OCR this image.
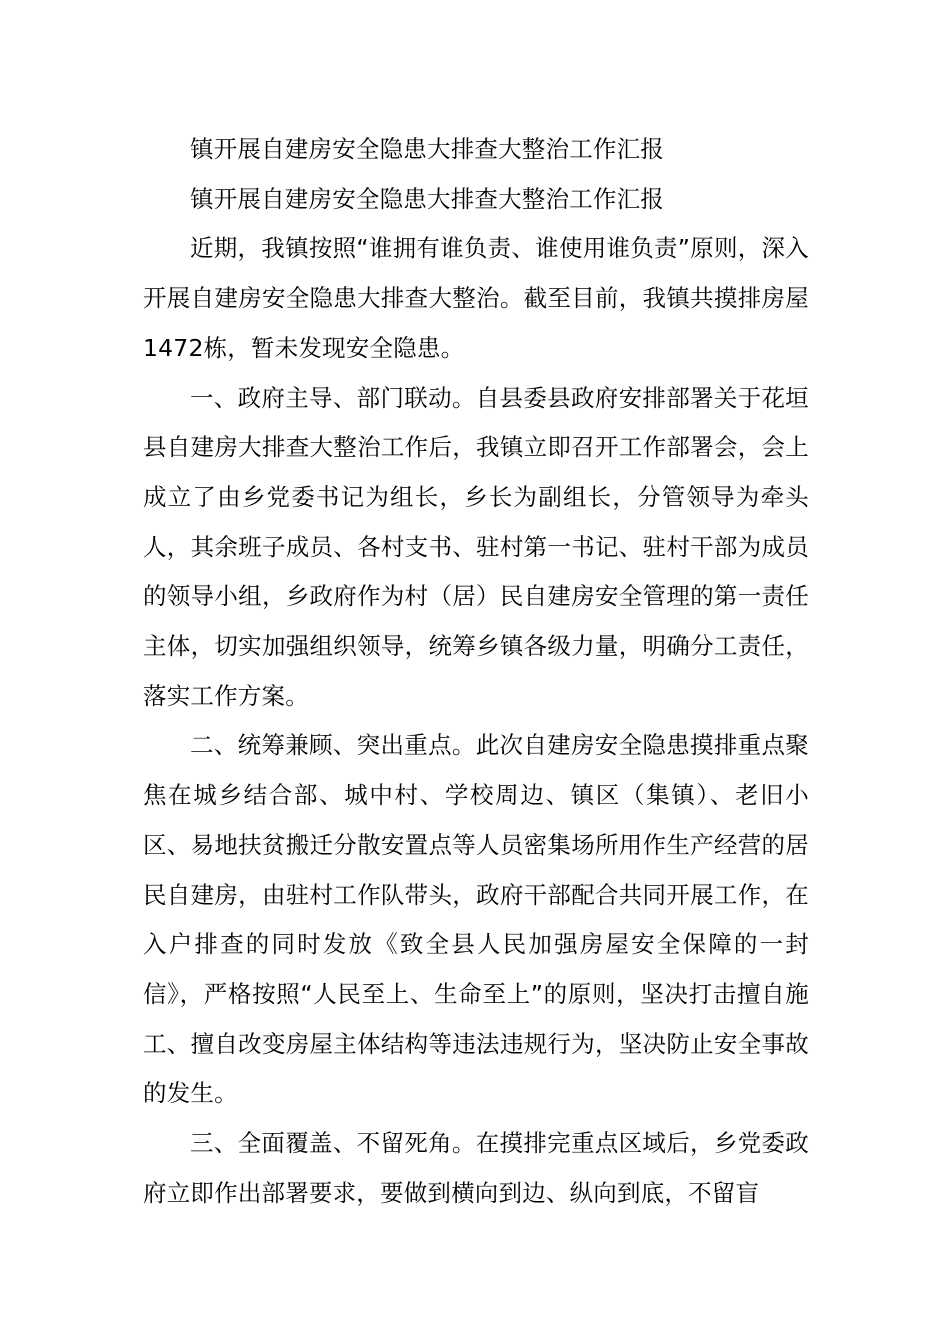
镇开展自建房安全隐患大排查大整治工作汇报

镇开展自建房安全隐患大排查大整治工作汇报

近期，我镇按照“谁拥有谁负责、谁使用谁负责”原则，深入开展自建房安全隐患大排查大整治。截至目前，我镇共摸排房屋1472栋，暂未发现安全隐患。

一、政府主导、部门联动。自县委县政府安排部署关于花垣县自建房大排查大整治工作后，我镇立即召开工作部署会，会上成立了由乡党委书记为组长，乡长为副组长，分管领导为牵头人，其余班子成员、各村支书、驻村第一书记、驻村干部为成员的领导小组，乡政府作为村（居）民自建房安全管理的第一责任主体，切实加强组织领导，统筹乡镇各级力量，明确分工责任，落实工作方案。

二、统筹兼顾、突出重点。此次自建房安全隐患摸排重点聚焦在城乡结合部、城中村、学校周边、镇区（集镇）、老旧小区、易地扶贫搬迁分散安置点等人员密集场所用作生产经营的居民自建房，由驻村工作队带头，政府干部配合共同开展工作，在入户排查的同时发放《致全县人民加强房屋安全保障的一封信》，严格按照“人民至上、生命至上”的原则，坚决打击擅自施工、擅自改变房屋主体结构等违法违规行为，坚决防止安全事故的发生。

三、全面覆盖、不留死角。在摸排完重点区域后，乡党委政府立即作出部署要求，要做到横向到边、纵向到底，不留盲
